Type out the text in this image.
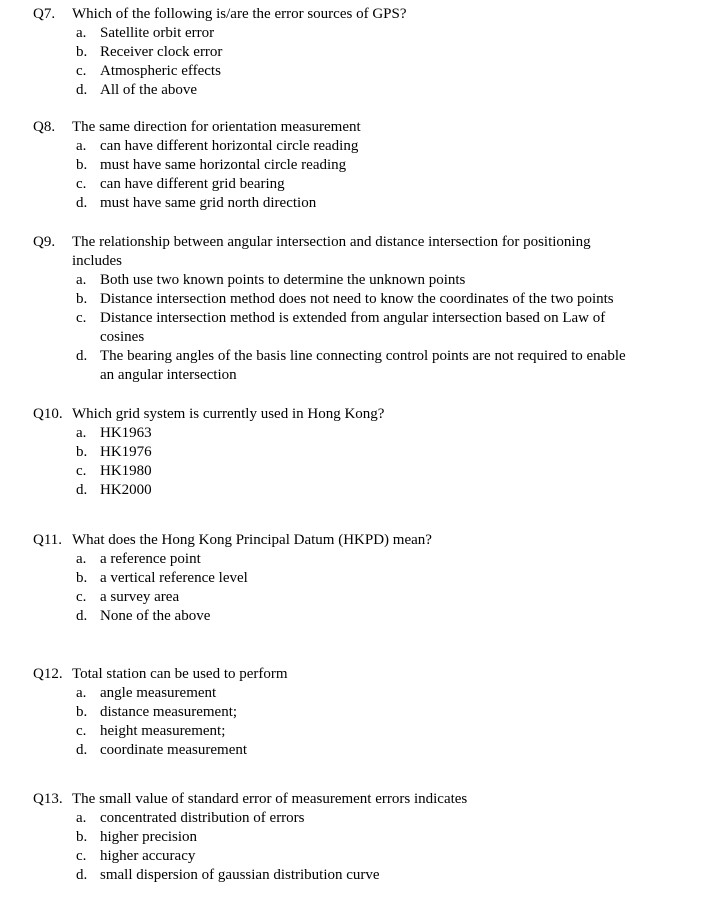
Q7. Which of the following is/are the error sources of GPS?
a. Satellite orbit error
b. Receiver clock error
c. Atmospheric effects
d. All of the above
Q8. The same direction for orientation measurement
a. can have different horizontal circle reading
b. must have same horizontal circle reading
c. can have different grid bearing
d. must have same grid north direction
Q9. The relationship between angular intersection and distance intersection for positioning
includes
a. Both use two known points to determine the unknown points
b. Distance intersection method does not need to know the coordinates of the two points
c. Distance intersection method is extended from angular intersection based on Law of
cosines
d. The bearing angles of the basis line connecting control points are not required to enable
an angular intersection
Q10. Which grid system is currently used in Hong Kong?
a. HK1963
b. HK1976
c. HK1980
d. HK2000
Q11. What does the Hong Kong Principal Datum (HKPD) mean?
a. a reference point
b. a vertical reference level
c. a survey area
d. None of the above
Q12. Total station can be used to perform
a. angle measurement
b. distance measurement;
c. height measurement;
d. coordinate measurement
Q13. The small value of standard error of measurement errors indicates
a. concentrated distribution of errors
b. higher precision
c. higher accuracy
d. small dispersion of gaussian distribution curve
